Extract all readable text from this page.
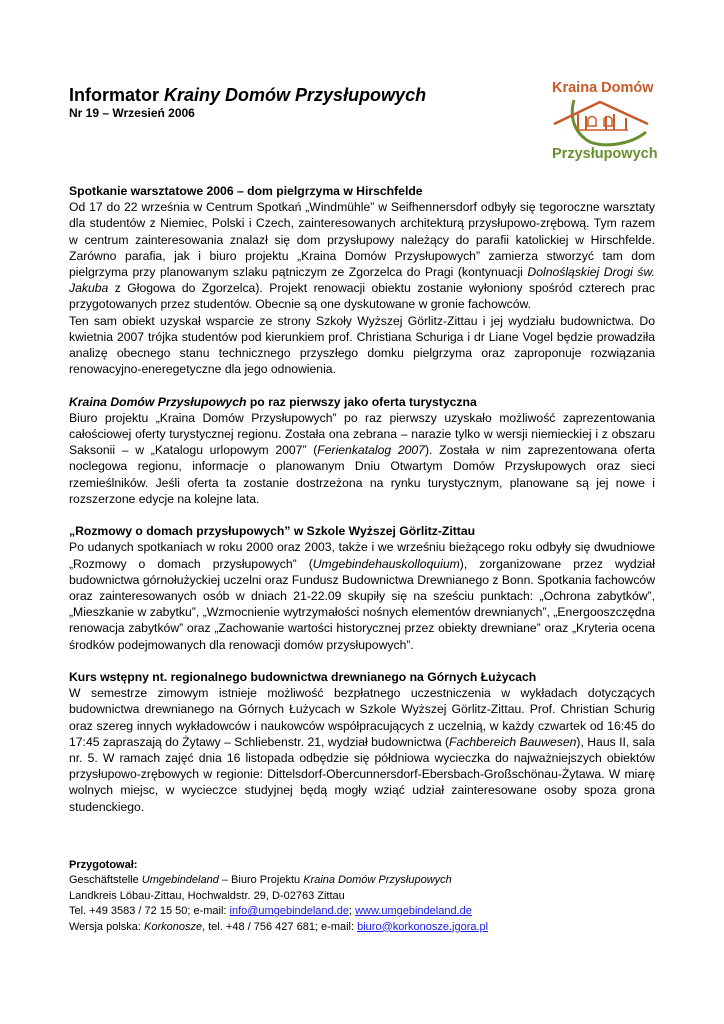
Informator Krainy Domów Przysłupowych
Nr 19 – Wrzesień 2006
Kraina Domów
Przysłupowych
Spotkanie warsztatowe 2006 – dom pielgrzyma w Hirschfelde

Od 17 do 22 września w Centrum Spotkań „Windmühle” w Seifhennersdorf odbyły się tegoroczne warsztaty dla studentów z Niemiec, Polski i Czech, zainteresowanych architekturą przysłupowo-zrębową. Tym razem w centrum zainteresowania znalazł się dom przysłupowy należący do parafii katolickiej w Hirschfelde. Zarówno parafia, jak i biuro projektu „Kraina Domów Przysłupowych” zamierza stworzyć tam dom pielgrzyma przy planowanym szlaku pątniczym ze Zgorzelca do Pragi (kontynuacji Dolnośląskiej Drogi św. Jakuba z Głogowa do Zgorzelca). Projekt renowacji obiektu zostanie wyłoniony spośród czterech prac przygotowanych przez studentów. Obecnie są one dyskutowane w gronie fachowców.

Ten sam obiekt uzyskał wsparcie ze strony Szkoły Wyższej Görlitz-Zittau i jej wydziału budownictwa. Do kwietnia 2007 trójka studentów pod kierunkiem prof. Christiana Schuriga i dr Liane Vogel będzie prowadziła analizę obecnego stanu technicznego przyszłego domku pielgrzyma oraz zaproponuje rozwiązania renowacyjno-eneregetyczne dla jego odnowienia.

Kraina Domów Przysłupowych po raz pierwszy jako oferta turystyczna

Biuro projektu „Kraina Domów Przysłupowych” po raz pierwszy uzyskało możliwość zaprezentowania całościowej oferty turystycznej regionu. Została ona zebrana – narazie tylko w wersji niemieckiej i z obszaru Saksonii – w „Katalogu urlopowym 2007” (Ferienkatalog 2007). Została w nim zaprezentowana oferta noclegowa regionu, informacje o planowanym Dniu Otwartym Domów Przysłupowych oraz sieci rzemieślników. Jeśli oferta ta zostanie dostrzeżona na rynku turystycznym, planowane są jej nowe i rozszerzone edycje na kolejne lata.

„Rozmowy o domach przysłupowych” w Szkole Wyższej Görlitz-Zittau

Po udanych spotkaniach w roku 2000 oraz 2003, także i we wrześniu bieżącego roku odbyły się dwudniowe „Rozmowy o domach przysłupowych” (Umgebindehauskolloquium), zorganizowane przez wydział budownictwa górnołużyckiej uczelni oraz Fundusz Budownictwa Drewnianego z Bonn. Spotkania fachowców oraz zainteresowanych osób w dniach 21-22.09 skupiły się na sześciu punktach: „Ochrona zabytków”, „Mieszkanie w zabytku”, „Wzmocnienie wytrzymałości nośnych elementów drewnianych”, „Energooszczędna renowacja zabytków” oraz „Zachowanie wartości historycznej przez obiekty drewniane” oraz „Kryteria ocena środków podejmowanych dla renowacji domów przysłupowych”.

Kurs wstępny nt. regionalnego budownictwa drewnianego na Górnych Łużycach

W semestrze zimowym istnieje możliwość bezpłatnego uczestniczenia w wykładach dotyczących budownictwa drewnianego na Górnych Łużycach w Szkole Wyższej Görlitz-Zittau. Prof. Christian Schurig oraz szereg innych wykładowców i naukowców współpracujących z uczelnią, w każdy czwartek od 16:45 do 17:45 zapraszają do Żytawy – Schliebenstr. 21, wydział budownictwa (Fachbereich Bauwesen), Haus II, sala nr. 5. W ramach zajęć dnia 16 listopada odbędzie się półdniowa wycieczka do najważniejszych obiektów przysłupowo-zrębowych w regionie: Dittelsdorf-Obercunnersdorf-Ebersbach-Großschönau-Żytawa. W miarę wolnych miejsc, w wycieczce studyjnej będą mogły wziąć udział zainteresowane osoby spoza grona studenckiego.

Przygotował:
Geschäftstelle Umgebindeland – Biuro Projektu Kraina Domów Przysłupowych
Landkreis Löbau-Zittau, Hochwaldstr. 29, D-02763 Zittau
Tel. +49 3583 / 72 15 50; e-mail: info@umgebindeland.de; www.umgebindeland.de
Wersja polska: Korkonosze, tel. +48 / 756 427 681; e-mail: biuro@korkonosze.jgora.pl
